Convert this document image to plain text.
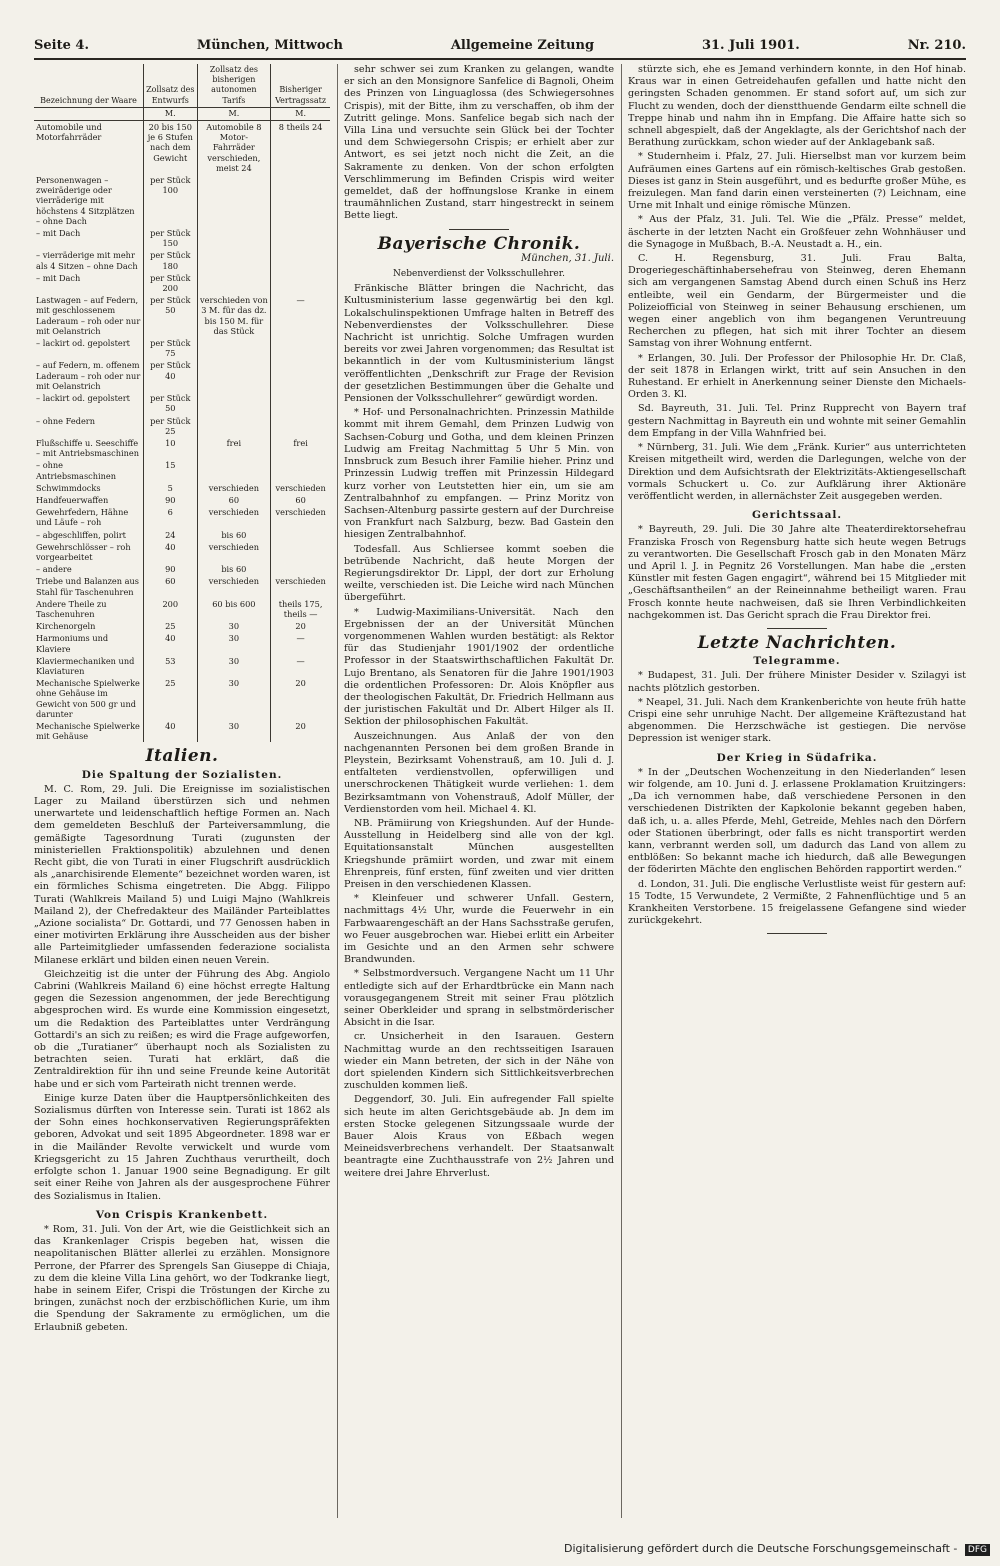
Seite 4.	München, Mittwoch	Allgemeine Zeitung	31. Juli 1901.	Nr. 210.
Bezeichnung der Waare	Zollsatz des Entwurfs	Zollsatz des bisherigen autonomen Tarifs	Bisheriger Vertragssatz
	M.	M.	M.
Automobile und Motorfahrräder	20 bis 150 je 6 Stufen nach dem Gewicht	Automobile 8 Motor-Fahrräder verschieden, meist 24	8 theils 24
Personenwagen – zweiräderige oder vierräderige mit höchstens 4 Sitzplätzen – ohne Dach	per Stück 100		
– mit Dach	per Stück 150		
– vierräderige mit mehr als 4 Sitzen – ohne Dach	per Stück 180		
– mit Dach	per Stück 200		
Lastwagen – auf Federn, mit geschlossenem Laderaum – roh oder nur mit Oelanstrich	per Stück 50	verschieden von 3 M. für das dz. bis 150 M. für das Stück	—
– lackirt od. gepolstert	per Stück 75		
– auf Federn, m. offenem Laderaum – roh oder nur mit Oelanstrich	per Stück 40		
– lackirt od. gepolstert	per Stück 50		
– ohne Federn	per Stück 25		
Flußschiffe u. Seeschiffe – mit Antriebsmaschinen	10	frei	frei
– ohne Antriebsmaschinen	15		
Schwimmdocks	5	verschieden	verschieden
Handfeuerwaffen	90	60	60
Gewehrfedern, Hähne und Läufe – roh	6	verschieden	verschieden
– abgeschliffen, polirt	24	bis 60	
Gewehrschlösser – roh vorgearbeitet	40	verschieden	
– andere	90	bis 60	
Triebe und Balanzen aus Stahl für Taschenuhren	60	verschieden	verschieden
Andere Theile zu Taschenuhren	200	60 bis 600	theils 175, theils —
Kirchenorgeln	25	30	20
Harmoniums und Klaviere	40	30	—
Klaviermechaniken und Klaviaturen	53	30	—
Mechanische Spielwerke ohne Gehäuse im Gewicht von 500 gr und darunter	25	30	20
Mechanische Spielwerke mit Gehäuse	40	30	20
Italien.
Die Spaltung der Sozialisten.

M. C. Rom, 29. Juli. Die Ereignisse im sozialistischen Lager zu Mailand überstürzen sich und nehmen unerwartete und leidenschaftlich heftige Formen an. Nach dem gemeldeten Beschluß der Parteiversammlung, die gemäßigte Tagesordnung Turati (zugunsten der ministeriellen Fraktionspolitik) abzulehnen und denen Recht gibt, die von Turati in einer Flugschrift ausdrücklich als „anarchisirende Elemente“ bezeichnet worden waren, ist ein förmliches Schisma eingetreten. Die Abgg. Filippo Turati (Wahlkreis Mailand 5) und Luigi Majno (Wahlkreis Mailand 2), der Chefredakteur des Mailänder Parteiblattes „Azione socialista“ Dr. Gottardi, und 77 Genossen haben in einer motivirten Erklärung ihre Ausscheiden aus der bisher alle Parteimitglieder umfassenden federazione socialista Milanese erklärt und bilden einen neuen Verein.

Gleichzeitig ist die unter der Führung des Abg. Angiolo Cabrini (Wahlkreis Mailand 6) eine höchst erregte Haltung gegen die Sezession angenommen, der jede Berechtigung abgesprochen wird. Es wurde eine Kommission eingesetzt, um die Redaktion des Parteiblattes unter Verdrängung Gottardi's an sich zu reißen; es wird die Frage aufgeworfen, ob die „Turatianer“ überhaupt noch als Sozialisten zu betrachten seien. Turati hat erklärt, daß die Zentraldirektion für ihn und seine Freunde keine Autorität habe und er sich vom Parteirath nicht trennen werde.

Einige kurze Daten über die Hauptpersönlichkeiten des Sozialismus dürften von Interesse sein. Turati ist 1862 als der Sohn eines hochkonservativen Regierungspräfekten geboren, Advokat und seit 1895 Abgeordneter. 1898 war er in die Mailänder Revolte verwickelt und wurde vom Kriegsgericht zu 15 Jahren Zuchthaus verurtheilt, doch erfolgte schon 1. Januar 1900 seine Begnadigung. Er gilt seit einer Reihe von Jahren als der ausgesprochene Führer des Sozialismus in Italien.

Von Crispis Krankenbett.

* Rom, 31. Juli. Von der Art, wie die Geistlichkeit sich an das Krankenlager Crispis begeben hat, wissen die neapolitanischen Blätter allerlei zu erzählen. Monsignore Perrone, der Pfarrer des Sprengels San Giuseppe di Chiaja, zu dem die kleine Villa Lina gehört, wo der Todkranke liegt, habe in seinem Eifer, Crispi die Tröstungen der Kirche zu bringen, zunächst noch der erzbischöflichen Kurie, um ihm die Spendung der Sakramente zu ermöglichen, um die Erlaubniß gebeten.

sehr schwer sei zum Kranken zu gelangen, wandte er sich an den Monsignore Sanfelice di Bagnoli, Oheim des Prinzen von Linguaglossa (des Schwiegersohnes Crispis), mit der Bitte, ihm zu verschaffen, ob ihm der Zutritt gelinge. Mons. Sanfelice begab sich nach der Villa Lina und versuchte sein Glück bei der Tochter und dem Schwiegersohn Crispis; er erhielt aber zur Antwort, es sei jetzt noch nicht die Zeit, an die Sakramente zu denken. Von der schon erfolgten Verschlimmerung im Befinden Crispis wird weiter gemeldet, daß der hoffnungslose Kranke in einem traumähnlichen Zustand, starr hingestreckt in seinem Bette liegt.

Bayerische Chronik.
München, 31. Juli.
Nebenverdienst der Volksschullehrer.

Fränkische Blätter bringen die Nachricht, das Kultusministerium lasse gegenwärtig bei den kgl. Lokalschulinspektionen Umfrage halten in Betreff des Nebenverdienstes der Volksschullehrer. Diese Nachricht ist unrichtig. Solche Umfragen wurden bereits vor zwei Jahren vorgenommen; das Resultat ist bekanntlich in der vom Kultusministerium längst veröffentlichten „Denkschrift zur Frage der Revision der gesetzlichen Bestimmungen über die Gehalte und Pensionen der Volksschullehrer“ gewürdigt worden.

* Hof- und Personalnachrichten. Prinzessin Mathilde kommt mit ihrem Gemahl, dem Prinzen Ludwig von Sachsen-Coburg und Gotha, und dem kleinen Prinzen Ludwig am Freitag Nachmittag 5 Uhr 5 Min. von Innsbruck zum Besuch ihrer Familie hieher. Prinz und Prinzessin Ludwig treffen mit Prinzessin Hildegard kurz vorher von Leutstetten hier ein, um sie am Zentralbahnhof zu empfangen. — Prinz Moritz von Sachsen-Altenburg passirte gestern auf der Durchreise von Frankfurt nach Salzburg, bezw. Bad Gastein den hiesigen Zentralbahnhof.

Todesfall. Aus Schliersee kommt soeben die betrübende Nachricht, daß heute Morgen der Regierungsdirektor Dr. Lippl, der dort zur Erholung weilte, verschieden ist. Die Leiche wird nach München übergeführt.

* Ludwig-Maximilians-Universität. Nach den Ergebnissen der an der Universität München vorgenommenen Wahlen wurden bestätigt: als Rektor für das Studienjahr 1901/1902 der ordentliche Professor in der Staatswirthschaftlichen Fakultät Dr. Lujo Brentano, als Senatoren für die Jahre 1901/1903 die ordentlichen Professoren: Dr. Alois Knöpfler aus der theologischen Fakultät, Dr. Friedrich Hellmann aus der juristischen Fakultät und Dr. Albert Hilger als II. Sektion der philosophischen Fakultät.

Auszeichnungen. Aus Anlaß der von den nachgenannten Personen bei dem großen Brande in Pleystein, Bezirksamt Vohenstrauß, am 10. Juli d. J. entfalteten verdienstvollen, opferwilligen und unerschrockenen Thätigkeit wurde verliehen: 1. dem Bezirksamtmann von Vohenstrauß, Adolf Müller, der Verdienstorden vom heil. Michael 4. Kl.

NB. Prämiirung von Kriegshunden. Auf der Hunde-Ausstellung in Heidelberg sind alle von der kgl. Equitationsanstalt München ausgestellten Kriegshunde prämiirt worden, und zwar mit einem Ehrenpreis, fünf ersten, fünf zweiten und vier dritten Preisen in den verschiedenen Klassen.

* Kleinfeuer und schwerer Unfall. Gestern, nachmittags 4½ Uhr, wurde die Feuerwehr in ein Farbwaarengeschäft an der Hans Sachsstraße gerufen, wo Feuer ausgebrochen war. Hiebei erlitt ein Arbeiter im Gesichte und an den Armen sehr schwere Brandwunden.

* Selbstmordversuch. Vergangene Nacht um 11 Uhr entledigte sich auf der Erhardtbrücke ein Mann nach vorausgegangenem Streit mit seiner Frau plötzlich seiner Oberkleider und sprang in selbstmörderischer Absicht in die Isar.

cr. Unsicherheit in den Isarauen. Gestern Nachmittag wurde an den rechtsseitigen Isarauen wieder ein Mann betreten, der sich in der Nähe von dort spielenden Kindern sich Sittlichkeitsverbrechen zuschulden kommen ließ.

Deggendorf, 30. Juli. Ein aufregender Fall spielte sich heute im alten Gerichtsgebäude ab. Jn dem im ersten Stocke gelegenen Sitzungssaale wurde der Bauer Alois Kraus von Eßbach wegen Meineidsverbrechens verhandelt. Der Staatsanwalt beantragte eine Zuchthausstrafe von 2½ Jahren und weitere drei Jahre Ehrverlust.

stürzte sich, ehe es Jemand verhindern konnte, in den Hof hinab. Kraus war in einen Getreidehaufen gefallen und hatte nicht den geringsten Schaden genommen. Er stand sofort auf, um sich zur Flucht zu wenden, doch der dienstthuende Gendarm eilte schnell die Treppe hinab und nahm ihn in Empfang. Die Affaire hatte sich so schnell abgespielt, daß der Angeklagte, als der Gerichtshof nach der Berathung zurückkam, schon wieder auf der Anklagebank saß.

* Studernheim i. Pfalz, 27. Juli. Hierselbst man vor kurzem beim Aufräumen eines Gartens auf ein römisch-keltisches Grab gestoßen. Dieses ist ganz in Stein ausgeführt, und es bedurfte großer Mühe, es freizulegen. Man fand darin einen versteinerten (?) Leichnam, eine Urne mit Inhalt und einige römische Münzen.

* Aus der Pfalz, 31. Juli. Tel. Wie die „Pfälz. Presse“ meldet, äscherte in der letzten Nacht ein Großfeuer zehn Wohnhäuser und die Synagoge in Mußbach, B.-A. Neustadt a. H., ein.

C. H. Regensburg, 31. Juli. Frau Balta, Drogeriegeschäftinhabersehefrau von Steinweg, deren Ehemann sich am vergangenen Samstag Abend durch einen Schuß ins Herz entleibte, weil ein Gendarm, der Bürgermeister und die Polizeiofficial von Steinweg in seiner Behausung erschienen, um wegen einer angeblich von ihm begangenen Veruntreuung Recherchen zu pflegen, hat sich mit ihrer Tochter an diesem Samstag von ihrer Wohnung entfernt.

* Erlangen, 30. Juli. Der Professor der Philosophie Hr. Dr. Claß, der seit 1878 in Erlangen wirkt, tritt auf sein Ansuchen in den Ruhestand. Er erhielt in Anerkennung seiner Dienste den Michaels-Orden 3. Kl.

Sd. Bayreuth, 31. Juli. Tel. Prinz Rupprecht von Bayern traf gestern Nachmittag in Bayreuth ein und wohnte mit seiner Gemahlin dem Empfang in der Villa Wahnfried bei.

* Nürnberg, 31. Juli. Wie dem „Fränk. Kurier“ aus unterrichteten Kreisen mitgetheilt wird, werden die Darlegungen, welche von der Direktion und dem Aufsichtsrath der Elektrizitäts-Aktiengesellschaft vormals Schuckert u. Co. zur Aufklärung ihrer Aktionäre veröffentlicht werden, in allernächster Zeit ausgegeben werden.

Gerichtssaal.

* Bayreuth, 29. Juli. Die 30 Jahre alte Theaterdirektorsehefrau Franziska Frosch von Regensburg hatte sich heute wegen Betrugs zu verantworten. Die Gesellschaft Frosch gab in den Monaten März und April l. J. in Pegnitz 26 Vorstellungen. Man habe die „ersten Künstler mit festen Gagen engagirt“, während bei 15 Mitglieder mit „Geschäftsantheilen“ an der Reineinnahme betheiligt waren. Frau Frosch konnte heute nachweisen, daß sie Ihren Verbindlichkeiten nachgekommen ist. Das Gericht sprach die Frau Direktor frei.

Letzte Nachrichten.
Telegramme.

* Budapest, 31. Juli. Der frühere Minister Desider v. Szilagyi ist nachts plötzlich gestorben.

* Neapel, 31. Juli. Nach dem Krankenberichte von heute früh hatte Crispi eine sehr unruhige Nacht. Der allgemeine Kräftezustand hat abgenommen. Die Herzschwäche ist gestiegen. Die nervöse Depression ist weniger stark.

Der Krieg in Südafrika.

* In der „Deutschen Wochenzeitung in den Niederlanden“ lesen wir folgende, am 10. Juni d. J. erlassene Proklamation Kruitzingers: „Da ich vernommen habe, daß verschiedene Personen in den verschiedenen Distrikten der Kapkolonie bekannt gegeben haben, daß ich, u. a. alles Pferde, Mehl, Getreide, Mehles nach den Dörfern oder Stationen überbringt, oder falls es nicht transportirt werden kann, verbrannt werden soll, um dadurch das Land von allem zu entblößen: So bekannt mache ich hiedurch, daß alle Bewegungen der föderirten Mächte den englischen Behörden rapportirt werden.“

d. London, 31. Juli. Die englische Verlustliste weist für gestern auf: 15 Todte, 15 Verwundete, 2 Vermißte, 2 Fahnenflüchtige und 5 an Krankheiten Verstorbene. 15 freigelassene Gefangene sind wieder zurückgekehrt.

Digitalisierung gefördert durch die Deutsche Forschungsgemeinschaft - DFG
